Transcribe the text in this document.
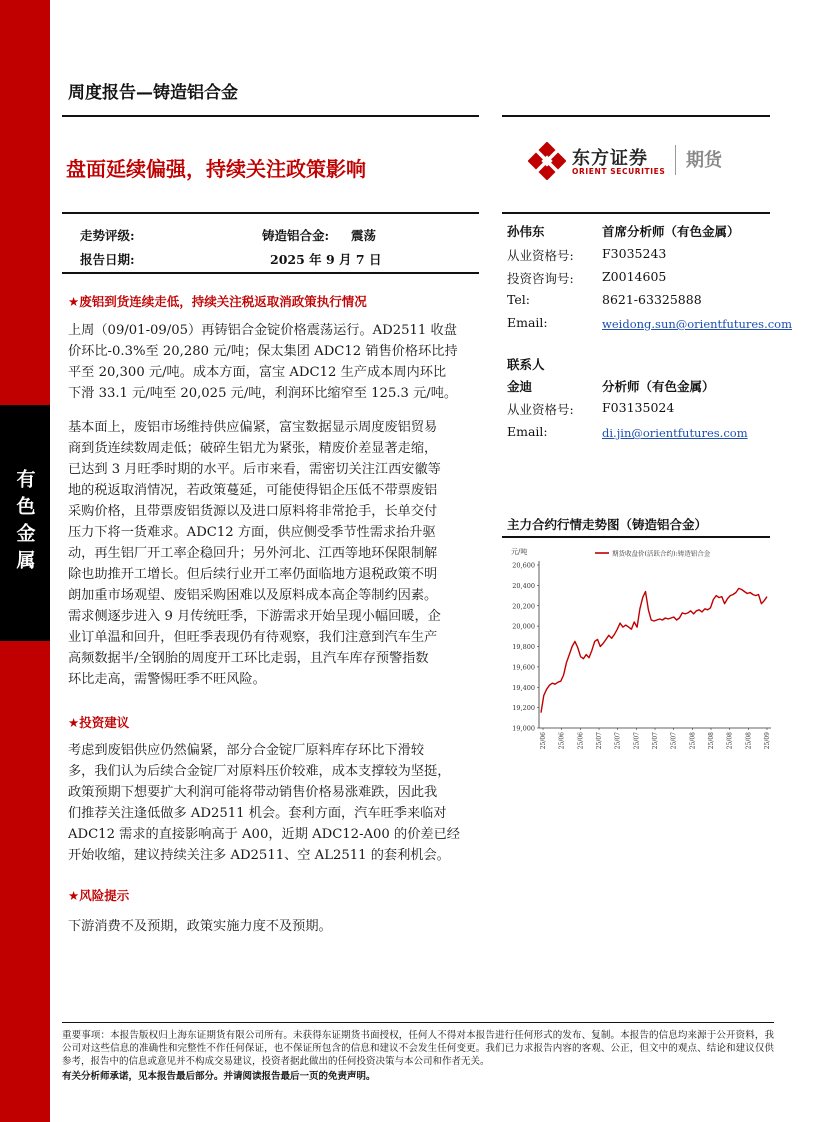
有色金属
周度报告—铸造铝合金
盘面延续偏强，持续关注政策影响	东方证券
ORIENT SECURITIES
期货
走势评级:	铸造铝合金: 震荡
报告日期:	2025 年 9 月 7 日
★废铝到货连续走低，持续关注税返取消政策执行情况
上周（09/01-09/05）再铸铝合金锭价格震荡运行。AD2511 收盘
价环比-0.3%至 20,280 元/吨；保太集团 ADC12 销售价格环比持
平至 20,300 元/吨。成本方面，富宝 ADC12 生产成本周内环比
下滑 33.1 元/吨至 20,025 元/吨，利润环比缩窄至 125.3 元/吨。
基本面上，废铝市场维持供应偏紧，富宝数据显示周度废铝贸易
商到货连续数周走低；破碎生铝尤为紧张，精废价差显著走缩，
已达到 3 月旺季时期的水平。后市来看，需密切关注江西安徽等
地的税返取消情况，若政策蔓延，可能使得铝企压低不带票废铝
采购价格，且带票废铝货源以及进口原料将非常抢手，长单交付
压力下将一货难求。ADC12 方面，供应侧受季节性需求抬升驱
动，再生铝厂开工率企稳回升；另外河北、江西等地环保限制解
除也助推开工增长。但后续行业开工率仍面临地方退税政策不明
朗加重市场观望、废铝采购困难以及原料成本高企等制约因素。
需求侧逐步进入 9 月传统旺季，下游需求开始呈现小幅回暖，企
业订单温和回升，但旺季表现仍有待观察，我们注意到汽车生产
高频数据半/全钢胎的周度开工环比走弱，且汽车库存预警指数
环比走高，需警惕旺季不旺风险。
★投资建议
考虑到废铝供应仍然偏紧，部分合金锭厂原料库存环比下滑较
多，我们认为后续合金锭厂对原料压价较难，成本支撑较为坚挺，
政策预期下想要扩大利润可能将带动销售价格易涨难跌，因此我
们推荐关注逢低做多 AD2511 机会。套利方面，汽车旺季来临对
ADC12 需求的直接影响高于 A00，近期 ADC12-A00 的价差已经
开始收缩，建议持续关注多 AD2511、空 AL2511 的套利机会。
★风险提示
下游消费不及预期，政策实施力度不及预期。
孙伟东	首席分析师（有色金属）
从业资格号: F3035243
投资咨询号: Z0014605
Tel:	8621-63325888
Email:	weidong.sun@orientfutures.com
联系人
金迪	分析师（有色金属）
从业资格号: F03135024
Email:	di.jin@orientfutures.com
主力合约行情走势图（铸造铝合金）
元/吨
19,000
19,200
19,400
19,600
19,800
20,000
20,200
20,400
20,600
25/06 25/06 25/06 25/07 25/07 25/07 25/07 25/07 25/08 25/08 25/08 25/08 25/09
期货收盘价(活跃合约):铸造铝合金
重要事项：本报告版权归上海东证期货有限公司所有。未获得东证期货书面授权，任何人不得对本报告进行任何形式的发布、复制。本报告的信息均来源于公开资料，我公司对这些信息的准确性和完整性不作任何保证，也不保证所包含的信息和建议不会发生任何变更。我们已力求报告内容的客观、公正，但文中的观点、结论和建议仅供参考，报告中的信息或意见并不构成交易建议，投资者据此做出的任何投资决策与本公司和作者无关。
有关分析师承诺，见本报告最后部分。并请阅读报告最后一页的免责声明。
